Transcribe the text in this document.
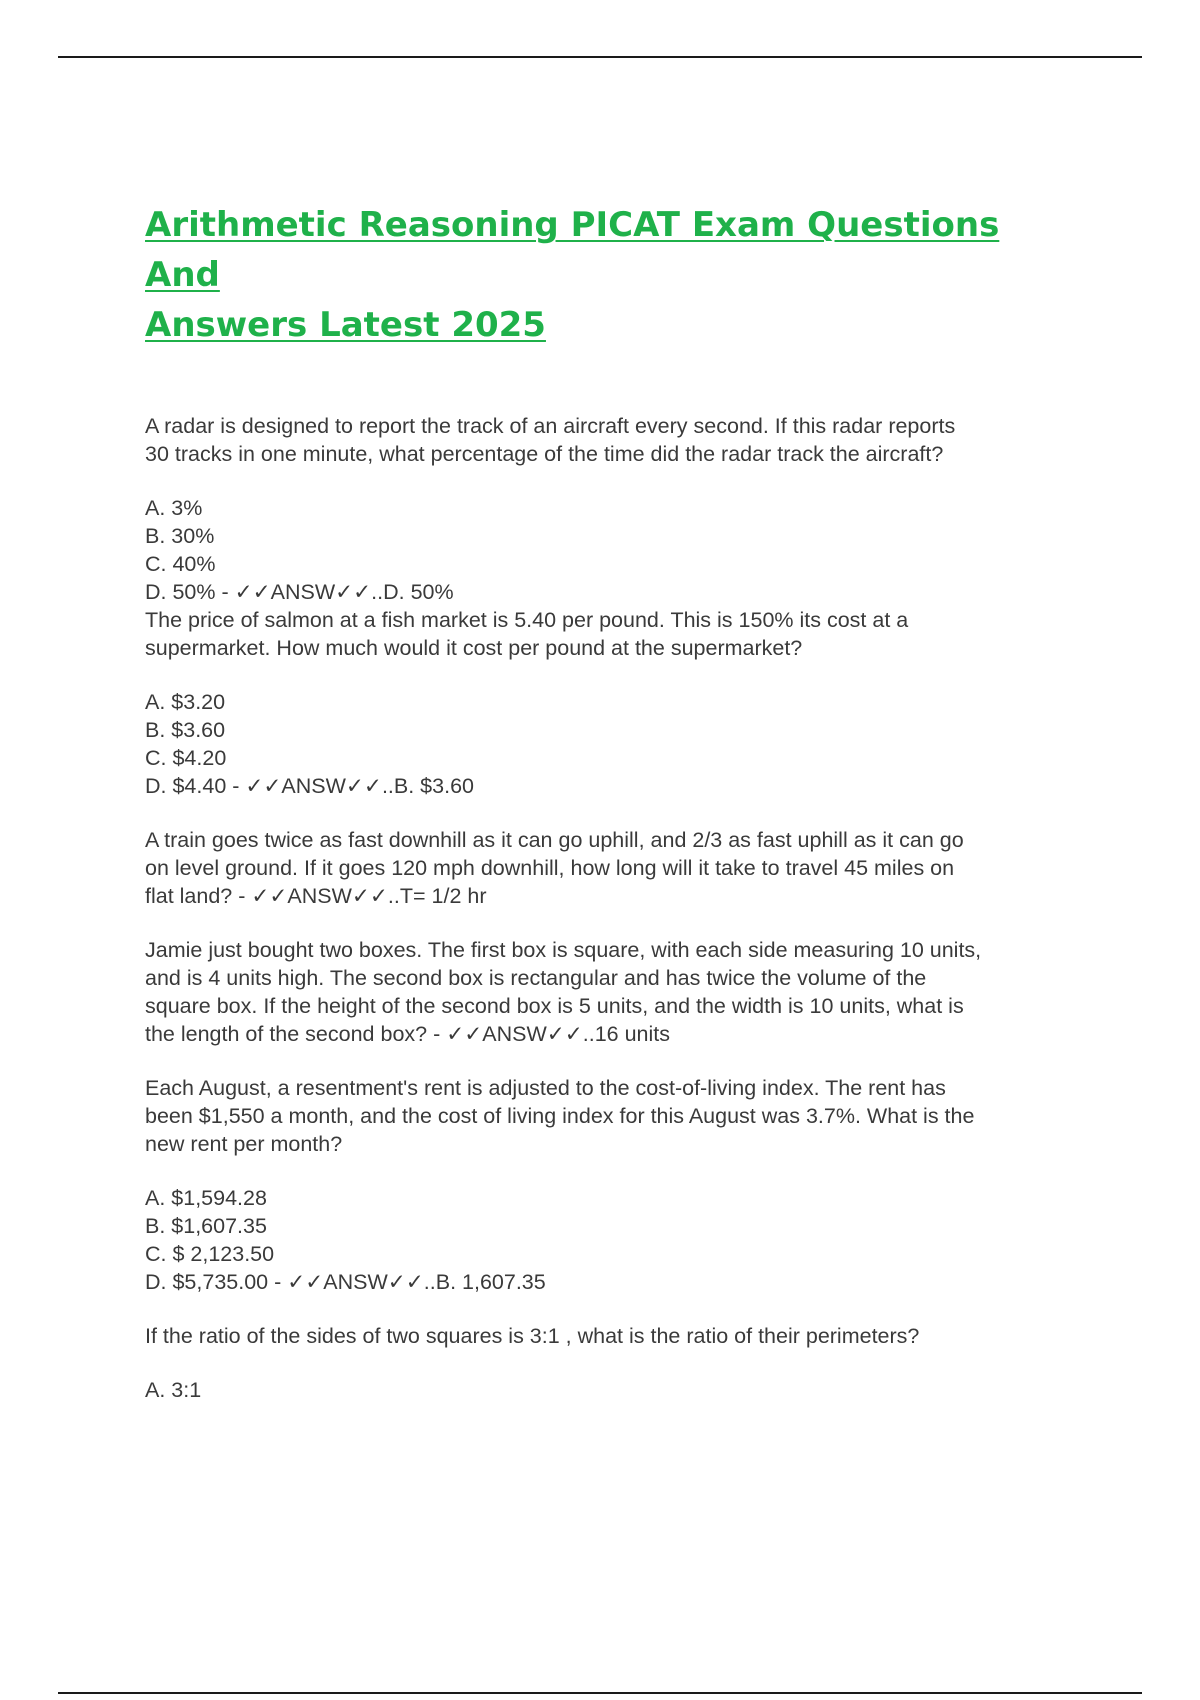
Arithmetic Reasoning PICAT Exam Questions And
Answers Latest 2025

A radar is designed to report the track of an aircraft every second. If this radar reports

30 tracks in one minute, what percentage of the time did the radar track the aircraft?

A. 3%

B. 30%

C. 40%

D. 50% - ✓✓ANSW✓✓..D. 50%

The price of salmon at a fish market is 5.40 per pound. This is 150% its cost at a

supermarket. How much would it cost per pound at the supermarket?

A. $3.20

B. $3.60

C. $4.20

D. $4.40 - ✓✓ANSW✓✓..B. $3.60

A train goes twice as fast downhill as it can go uphill, and 2/3 as fast uphill as it can go

on level ground. If it goes 120 mph downhill, how long will it take to travel 45 miles on

flat land? - ✓✓ANSW✓✓..T= 1/2 hr

Jamie just bought two boxes. The first box is square, with each side measuring 10 units,

and is 4 units high. The second box is rectangular and has twice the volume of the

square box. If the height of the second box is 5 units, and the width is 10 units, what is

the length of the second box? - ✓✓ANSW✓✓..16 units

Each August, a resentment's rent is adjusted to the cost-of-living index. The rent has

been $1,550 a month, and the cost of living index for this August was 3.7%. What is the

new rent per month?

A. $1,594.28

B. $1,607.35

C. $ 2,123.50

D. $5,735.00 - ✓✓ANSW✓✓..B. 1,607.35

If the ratio of the sides of two squares is 3:1 , what is the ratio of their perimeters?

A. 3:1
